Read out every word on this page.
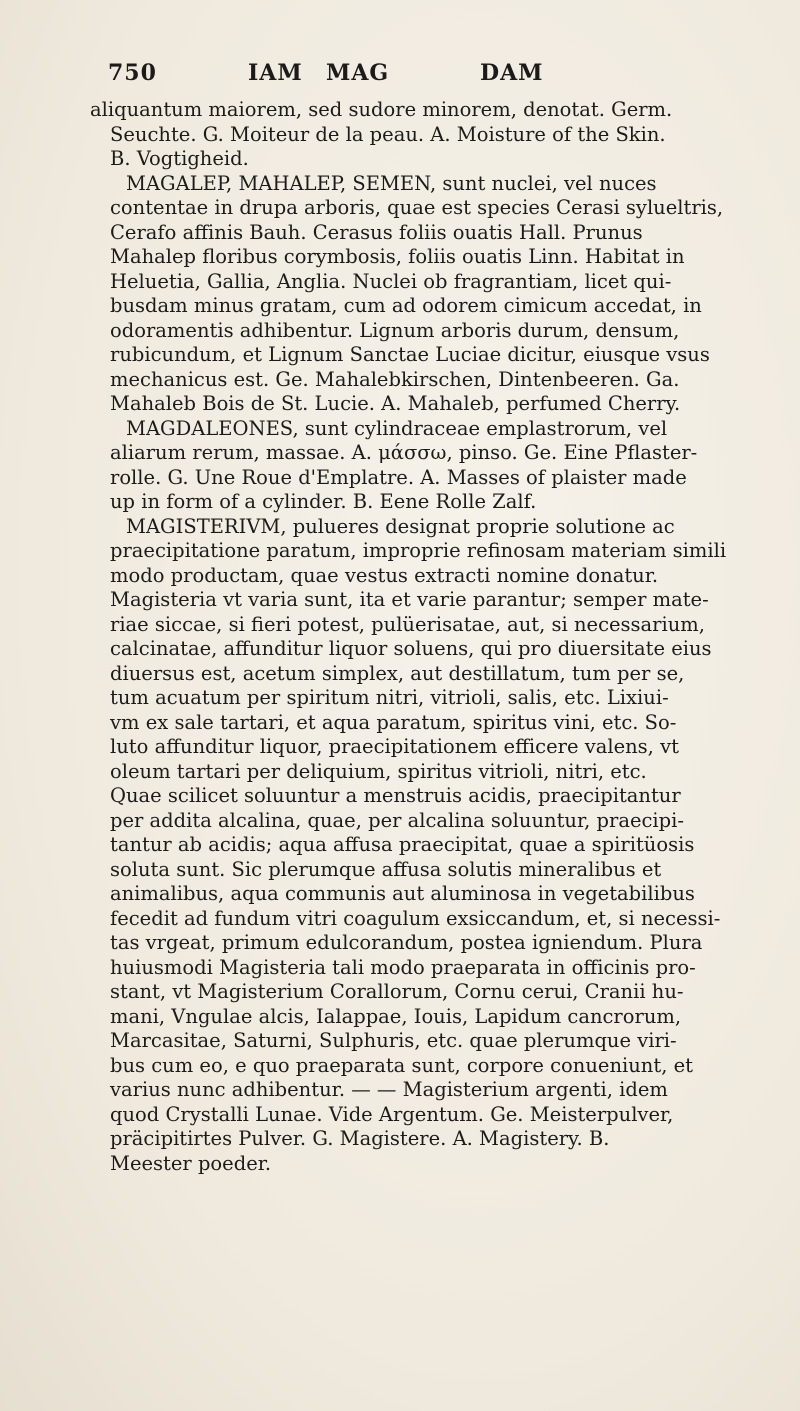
750	IAM MAG	DAM
aliquantum maiorem, sed sudore minorem, denotat. Germ.
Seuchte. G. Moiteur de la peau. A. Moisture of the Skin.
B. Vogtigheid.
MAGALEP, MAHALEP, SEMEN, sunt nuclei, vel nuces
contentae in drupa arboris, quae est species Cerasi sylueltris,
Cerafo affinis Bauh. Cerasus foliis ouatis Hall. Prunus
Mahalep floribus corymbosis, foliis ouatis Linn. Habitat in
Heluetia, Gallia, Anglia. Nuclei ob fragrantiam, licet qui-
busdam minus gratam, cum ad odorem cimicum accedat, in
odoramentis adhibentur. Lignum arboris durum, densum,
rubicundum, et Lignum Sanctae Luciae dicitur, eiusque vsus
mechanicus est. Ge. Mahalebkirschen, Dintenbeeren. Ga.
Mahaleb Bois de St. Lucie. A. Mahaleb, perfumed Cherry.
MAGDALEONES, sunt cylindraceae emplastrorum, vel
aliarum rerum, massae. A. μάσσω, pinso. Ge. Eine Pflaster-
rolle. G. Une Roue d'Emplatre. A. Masses of plaister made
up in form of a cylinder. B. Eene Rolle Zalf.
MAGISTERIVM, pulueres designat proprie solutione ac
praecipitatione paratum, improprie refinosam materiam simili
modo productam, quae vestus extracti nomine donatur.
Magisteria vt varia sunt, ita et varie parantur; semper mate-
riae siccae, si fieri potest, pulüerisatae, aut, si necessarium,
calcinatae, affunditur liquor soluens, qui pro diuersitate eius
diuersus est, acetum simplex, aut destillatum, tum per se,
tum acuatum per spiritum nitri, vitrioli, salis, etc. Lixiui-
vm ex sale tartari, et aqua paratum, spiritus vini, etc. So-
luto affunditur liquor, praecipitationem efficere valens, vt
oleum tartari per deliquium, spiritus vitrioli, nitri, etc.
Quae scilicet soluuntur a menstruis acidis, praecipitantur
per addita alcalina, quae, per alcalina soluuntur, praecipi-
tantur ab acidis; aqua affusa praecipitat, quae a spiritüosis
soluta sunt. Sic plerumque affusa solutis mineralibus et
animalibus, aqua communis aut aluminosa in vegetabilibus
fecedit ad fundum vitri coagulum exsiccandum, et, si necessi-
tas vrgeat, primum edulcorandum, postea igniendum. Plura
huiusmodi Magisteria tali modo praeparata in officinis pro-
stant, vt Magisterium Corallorum, Cornu cerui, Cranii hu-
mani, Vngulae alcis, Ialappae, Iouis, Lapidum cancrorum,
Marcasitae, Saturni, Sulphuris, etc. quae plerumque viri-
bus cum eo, e quo praeparata sunt, corpore conueniunt, et
varius nunc adhibentur. — — Magisterium argenti, idem
quod Crystalli Lunae. Vide Argentum. Ge. Meisterpulver,
präcipitirtes Pulver. G. Magistere. A. Magistery. B.
Meester poeder.
